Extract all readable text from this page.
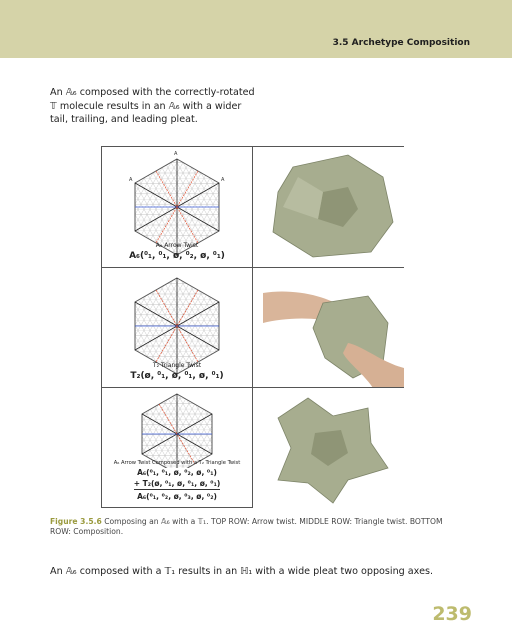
3.5 Archetype Composition
An 𝔸₆ composed with the correctly-rotated 𝕋 molecule results in an 𝔸₆ with a wider tail, trailing, and leading pleat.
A
A	A
A₆ Arrow Twist
A₆(⁰₁, ⁰₁, ø, ⁰₂, ø, ⁰₁)
T₂ Triangle Twist
T₂(ø, ⁰₁, ø, ⁰₁, ø, ⁰₁)
A₆ Arrow Twist Composed with a T₂ Triangle Twist
A₆(⁰₁, ⁰₁, ø, ⁰₂, ø, ⁰₁)
+ T₂(ø, ⁰₁, ø, ⁰₁, ø, ⁰₁)
A₆(⁰₁, ⁰₂, ø, ⁰₃, ø, ⁰₂)
Figure 3.5.6 Composing an 𝔸₆ with a 𝕋₁. TOP ROW: Arrow twist. MIDDLE ROW: Triangle twist. BOTTOM ROW: Composition.
An 𝔸₆ composed with a 𝕋₁ results in an ℍ₁ with a wide pleat two opposing axes.
239
